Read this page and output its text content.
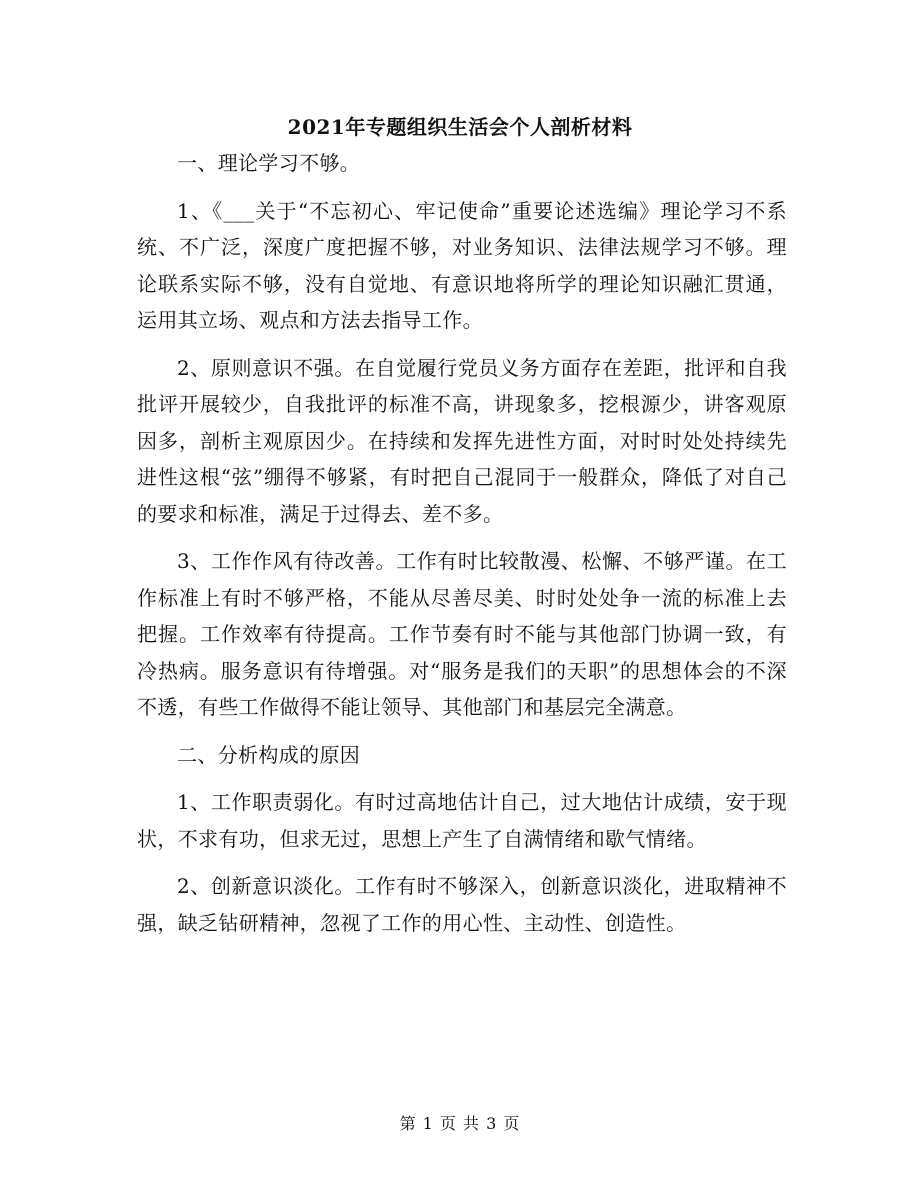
2021年专题组织生活会个人剖析材料

一、理论学习不够。

1、《___关于“不忘初心、牢记使命”重要论述选编》理论学习不系统、不广泛，深度广度把握不够，对业务知识、法律法规学习不够。理论联系实际不够，没有自觉地、有意识地将所学的理论知识融汇贯通，运用其立场、观点和方法去指导工作。

2、原则意识不强。在自觉履行党员义务方面存在差距，批评和自我批评开展较少，自我批评的标准不高，讲现象多，挖根源少，讲客观原因多，剖析主观原因少。在持续和发挥先进性方面，对时时处处持续先进性这根“弦”绷得不够紧，有时把自己混同于一般群众，降低了对自己的要求和标准，满足于过得去、差不多。

3、工作作风有待改善。工作有时比较散漫、松懈、不够严谨。在工作标准上有时不够严格，不能从尽善尽美、时时处处争一流的标准上去把握。工作效率有待提高。工作节奏有时不能与其他部门协调一致，有冷热病。服务意识有待增强。对“服务是我们的天职”的思想体会的不深不透，有些工作做得不能让领导、其他部门和基层完全满意。

二、分析构成的原因

1、工作职责弱化。有时过高地估计自己，过大地估计成绩，安于现状，不求有功，但求无过，思想上产生了自满情绪和歇气情绪。

2、创新意识淡化。工作有时不够深入，创新意识淡化，进取精神不强，缺乏钻研精神，忽视了工作的用心性、主动性、创造性。

第 1 页 共 3 页
